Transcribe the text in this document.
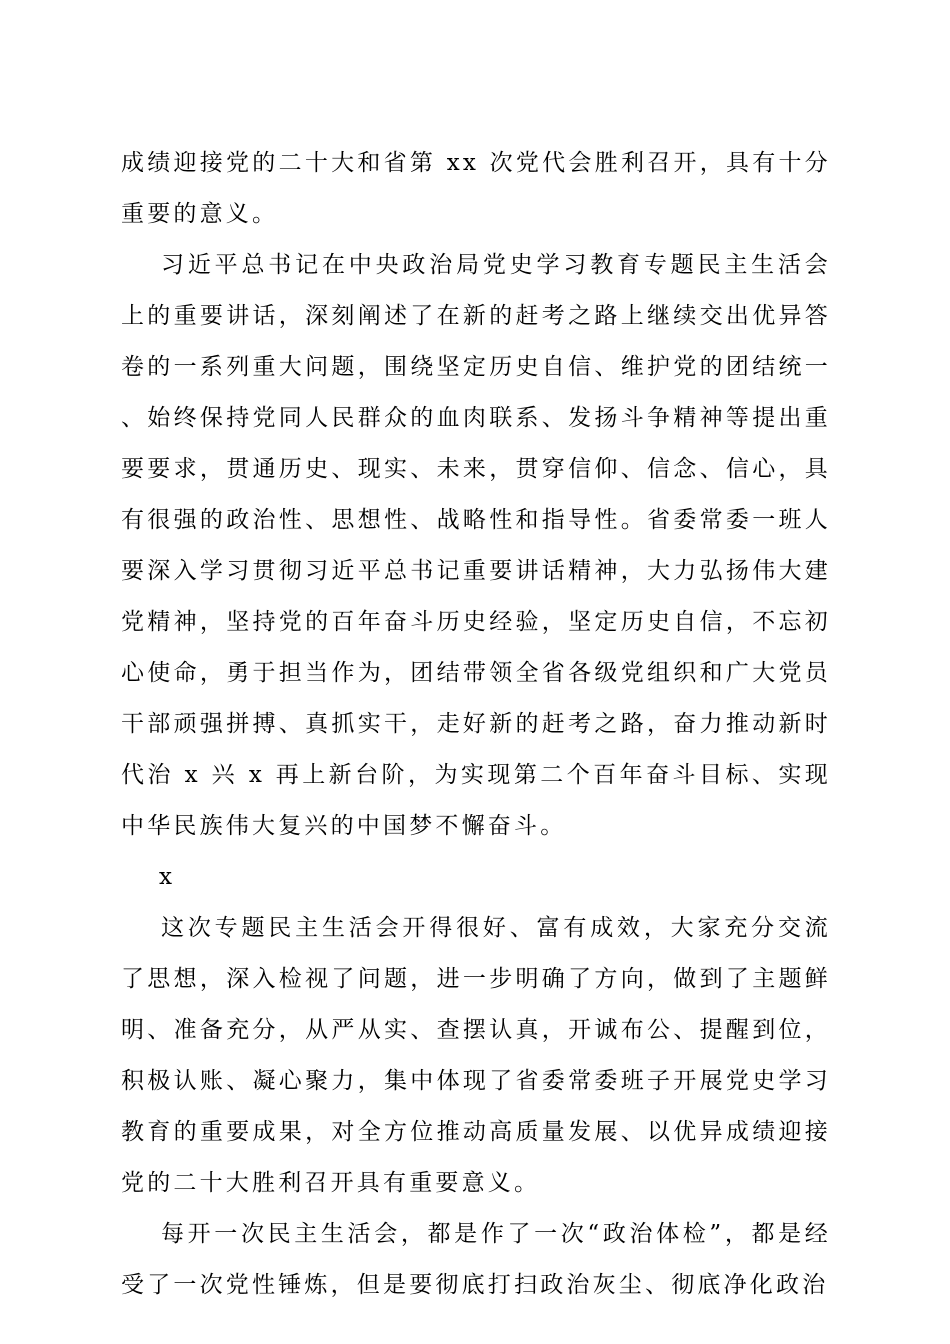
成绩迎接党的二十大和省第 xx 次党代会胜利召开，具有十分重要的意义。

习近平总书记在中央政治局党史学习教育专题民主生活会上的重要讲话，深刻阐述了在新的赶考之路上继续交出优异答卷的一系列重大问题，围绕坚定历史自信、维护党的团结统一、始终保持党同人民群众的血肉联系、发扬斗争精神等提出重要要求，贯通历史、现实、未来，贯穿信仰、信念、信心，具有很强的政治性、思想性、战略性和指导性。省委常委一班人要深入学习贯彻习近平总书记重要讲话精神，大力弘扬伟大建党精神，坚持党的百年奋斗历史经验，坚定历史自信，不忘初心使命，勇于担当作为，团结带领全省各级党组织和广大党员干部顽强拼搏、真抓实干，走好新的赶考之路，奋力推动新时代治 x 兴 x 再上新台阶，为实现第二个百年奋斗目标、实现中华民族伟大复兴的中国梦不懈奋斗。

x

这次专题民主生活会开得很好、富有成效，大家充分交流了思想，深入检视了问题，进一步明确了方向，做到了主题鲜明、准备充分，从严从实、查摆认真，开诚布公、提醒到位，积极认账、凝心聚力，集中体现了省委常委班子开展党史学习教育的重要成果，对全方位推动高质量发展、以优异成绩迎接党的二十大胜利召开具有重要意义。

每开一次民主生活会，都是作了一次“政治体检”，都是经受了一次党性锤炼，但是要彻底打扫政治灰尘、彻底净化政治
